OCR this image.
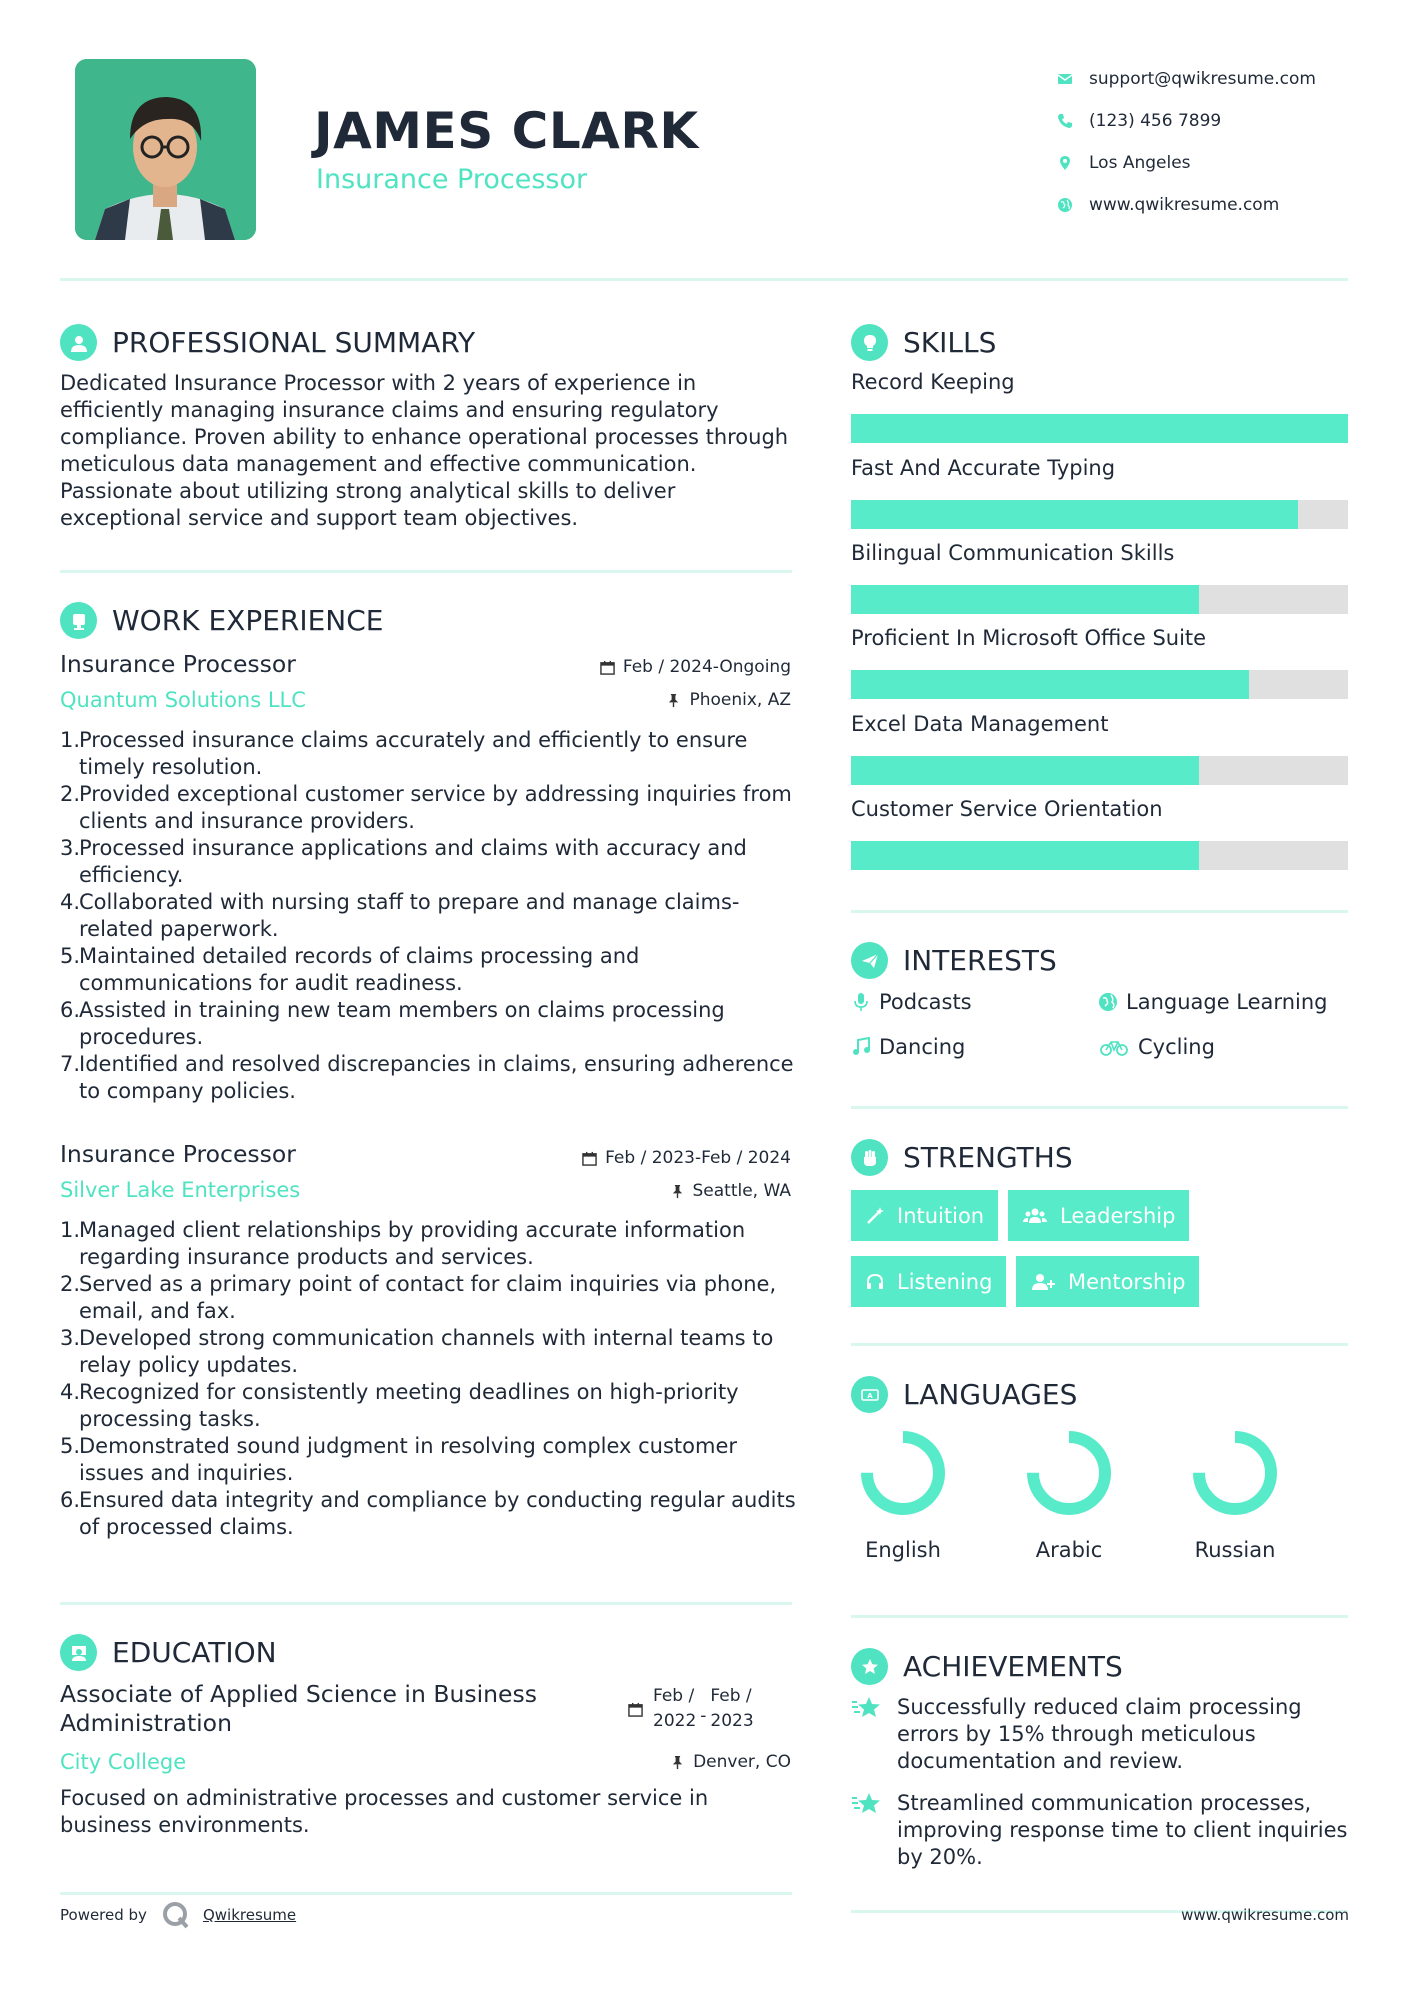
JAMES CLARK
Insurance Processor
support@qwikresume.com
(123) 456 7899
Los Angeles
www.qwikresume.com
PROFESSIONAL SUMMARY

Dedicated Insurance Processor with 2 years of experience in efficiently managing insurance claims and ensuring regulatory compliance. Proven ability to enhance operational processes through meticulous data management and effective communication. Passionate about utilizing strong analytical skills to deliver exceptional service and support team objectives.

WORK EXPERIENCE
Insurance Processor	Feb / 2024-Ongoing
Quantum Solutions LLC	Phoenix, AZ
1.
Processed insurance claims accurately and efficiently to ensure timely resolution.
2.
Provided exceptional customer service by addressing inquiries from clients and insurance providers.
3.
Processed insurance applications and claims with accuracy and efficiency.
4.
Collaborated with nursing staff to prepare and manage claims-related paperwork.
5.
Maintained detailed records of claims processing and communications for audit readiness.
6.
Assisted in training new team members on claims processing procedures.
7.
Identified and resolved discrepancies in claims, ensuring adherence to company policies.
Insurance Processor	Feb / 2023-Feb / 2024
Silver Lake Enterprises	Seattle, WA
1.
Managed client relationships by providing accurate information regarding insurance products and services.
2.
Served as a primary point of contact for claim inquiries via phone, email, and fax.
3.
Developed strong communication channels with internal teams to relay policy updates.
4.
Recognized for consistently meeting deadlines on high-priority processing tasks.
5.
Demonstrated sound judgment in resolving complex customer issues and inquiries.
6.
Ensured data integrity and compliance by conducting regular audits of processed claims.
EDUCATION
Associate of Applied Science in Business Administration
Feb /
2022 -
Feb /
2023
City College	Denver, CO

Focused on administrative processes and customer service in business environments.

SKILLS
Record Keeping
Fast And Accurate Typing
Bilingual Communication Skills
Proficient In Microsoft Office Suite
Excel Data Management
Customer Service Orientation
INTERESTS
Podcasts	Language Learning
Dancing	Cycling
STRENGTHS
Intuition	Leadership
Listening	Mentorship
A LANGUAGES
English	Arabic	Russian
ACHIEVEMENTS
Successfully reduced claim processing errors by 15% through meticulous documentation and review.
Streamlined communication processes, improving response time to client inquiries by 20%.
Powered by	Qwikresume	www.qwikresume.com
